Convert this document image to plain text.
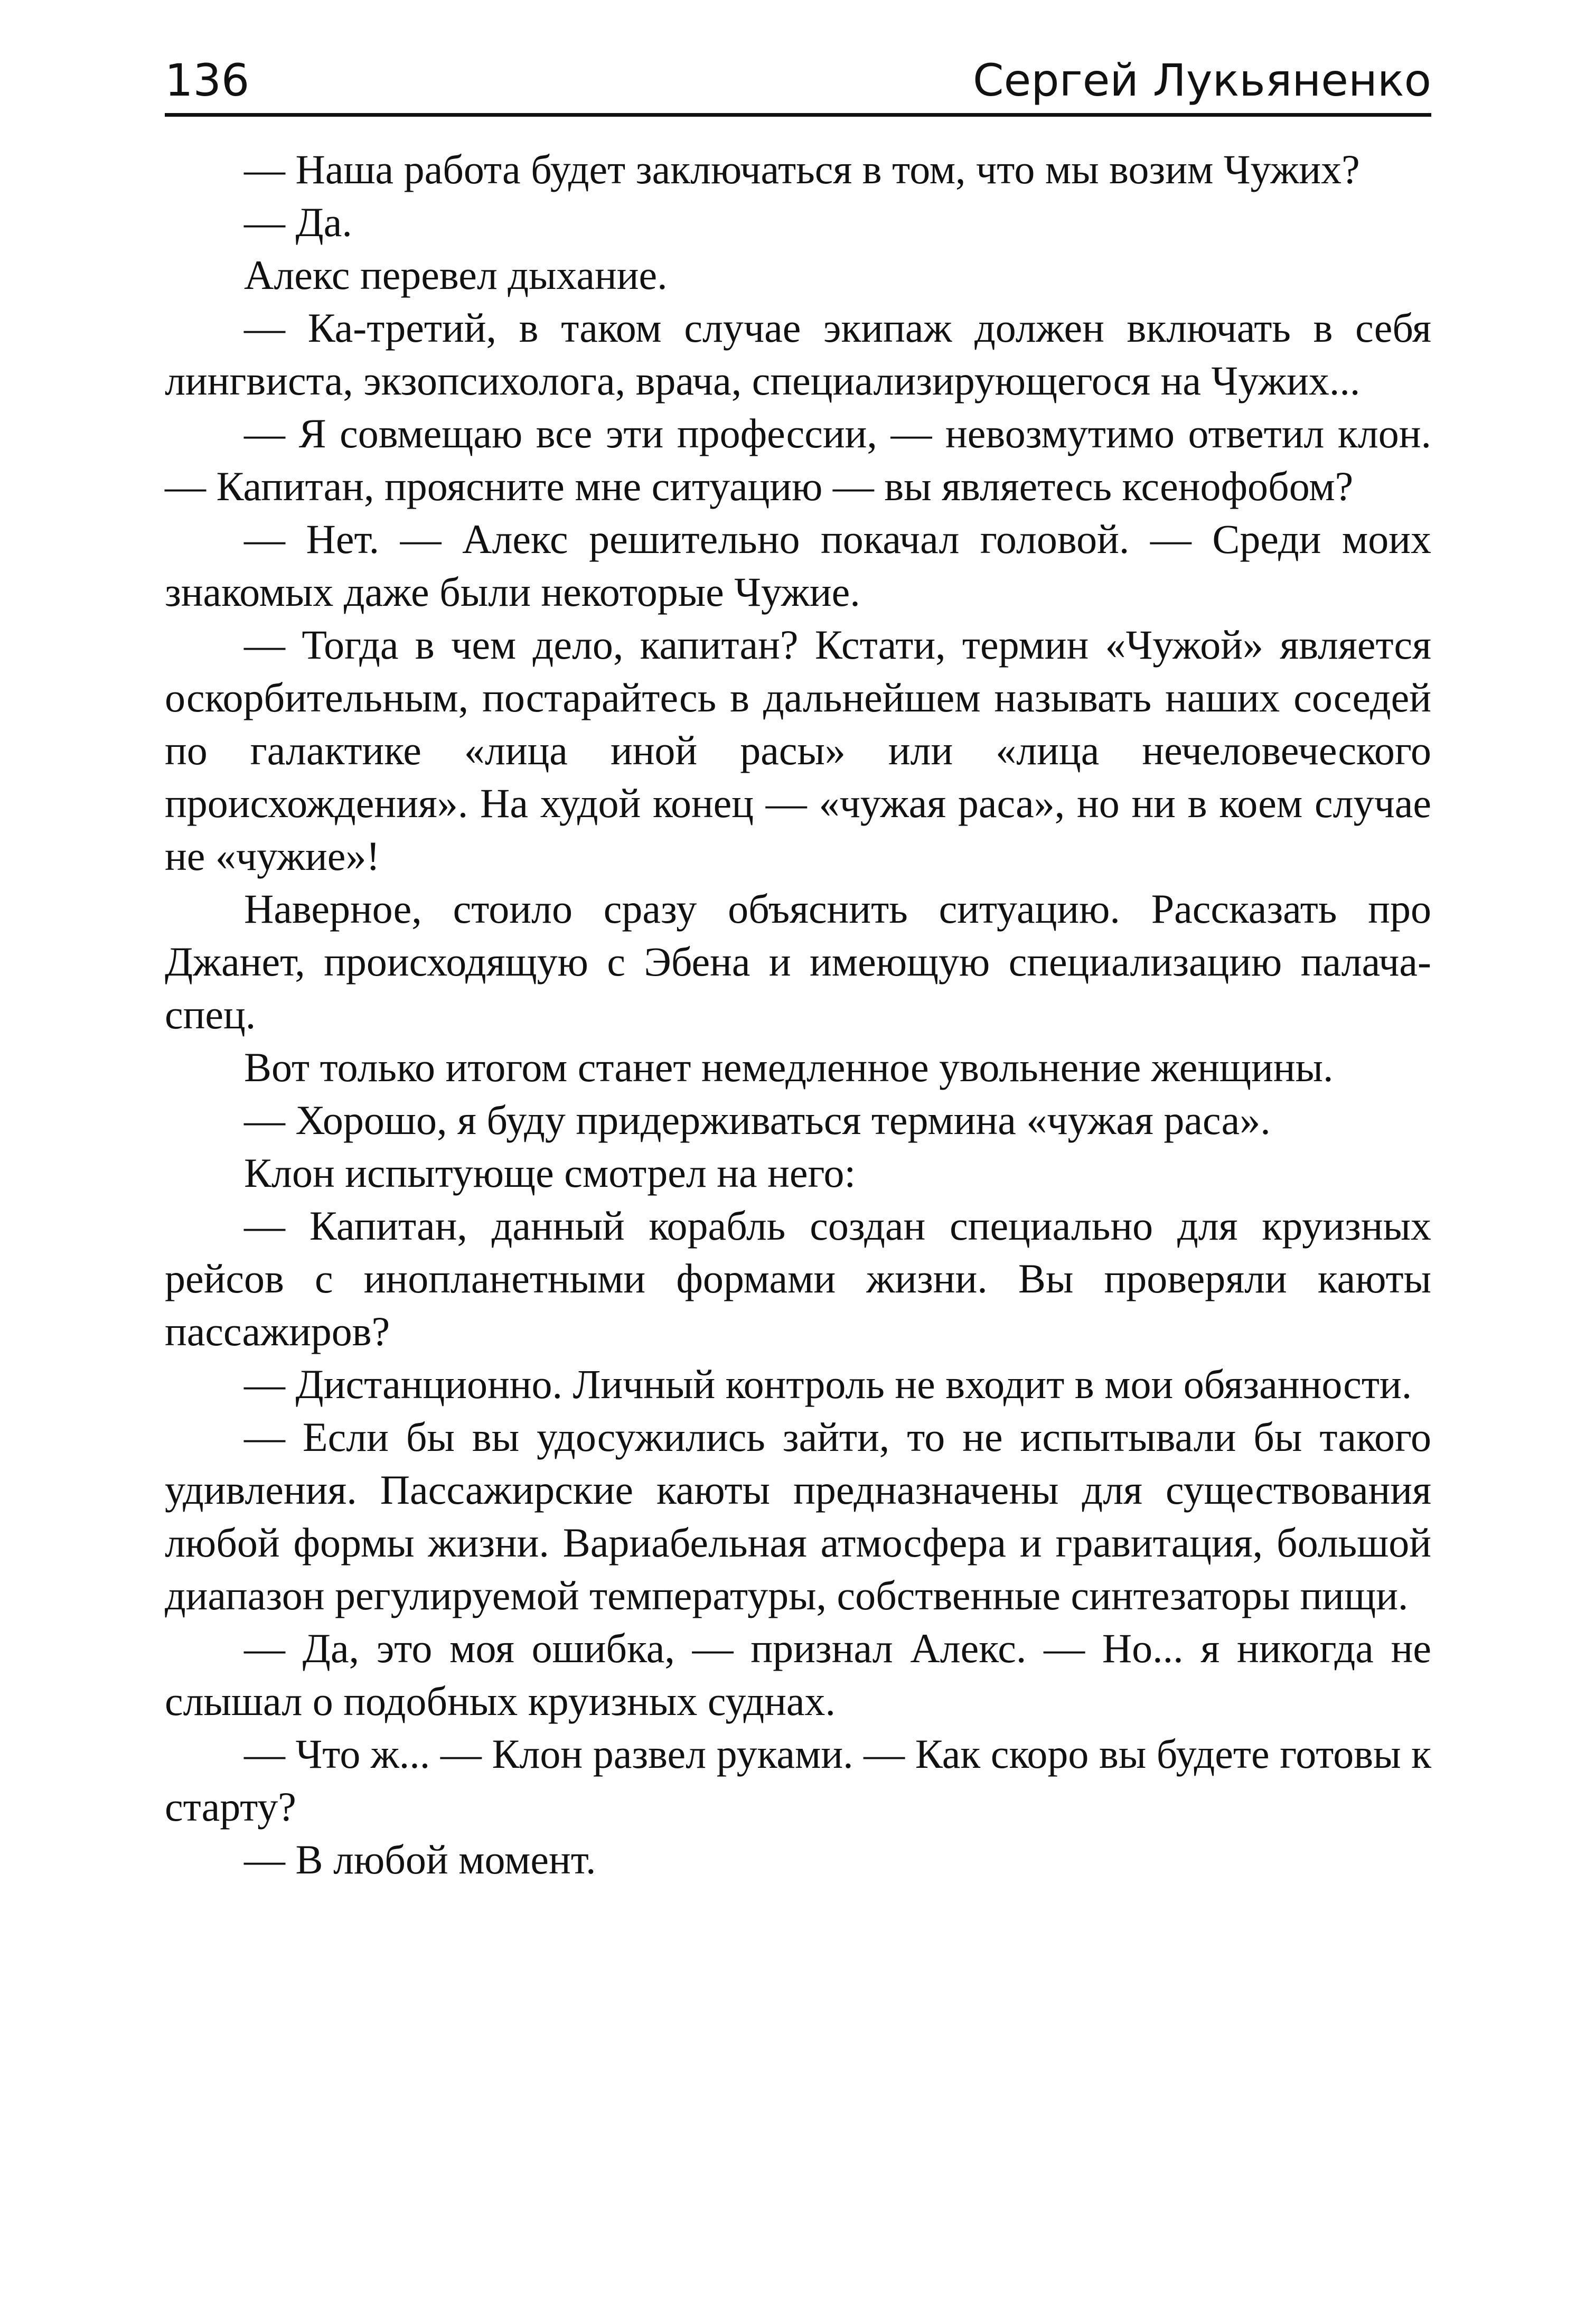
136	Сергей Лукьяненко

— Наша работа будет заключаться в том, что мы возим Чужих?

— Да.

Алекс перевел дыхание.

— Ка-третий, в таком случае экипаж должен включать в себя лингвиста, экзопсихолога, врача, специализирующегося на Чужих...

— Я совмещаю все эти профессии, — невозмутимо ответил клон. — Капитан, проясните мне ситуацию — вы являетесь ксенофобом?

— Нет. — Алекс решительно покачал головой. — Среди моих знакомых даже были некоторые Чужие.

— Тогда в чем дело, капитан? Кстати, термин «Чужой» является оскорбительным, постарайтесь в дальнейшем называть наших соседей по галактике «лица иной расы» или «лица нечеловеческого происхождения». На худой конец — «чужая раса», но ни в коем случае не «чужие»!

Наверное, стоило сразу объяснить ситуацию. Рассказать про Джанет, происходящую с Эбена и имеющую специализацию палача-спец.

Вот только итогом станет немедленное увольнение женщины.

— Хорошо, я буду придерживаться термина «чужая раса».

Клон испытующе смотрел на него:

— Капитан, данный корабль создан специально для круизных рейсов с инопланетными формами жизни. Вы проверяли каюты пассажиров?

— Дистанционно. Личный контроль не входит в мои обязанности.

— Если бы вы удосужились зайти, то не испытывали бы такого удивления. Пассажирские каюты предназначены для существования любой формы жизни. Вариабельная атмосфера и гравитация, большой диапазон регулируемой температуры, собственные синтезаторы пищи.

— Да, это моя ошибка, — признал Алекс. — Но... я никогда не слышал о подобных круизных суднах.

— Что ж... — Клон развел руками. — Как скоро вы будете готовы к старту?

— В любой момент.
